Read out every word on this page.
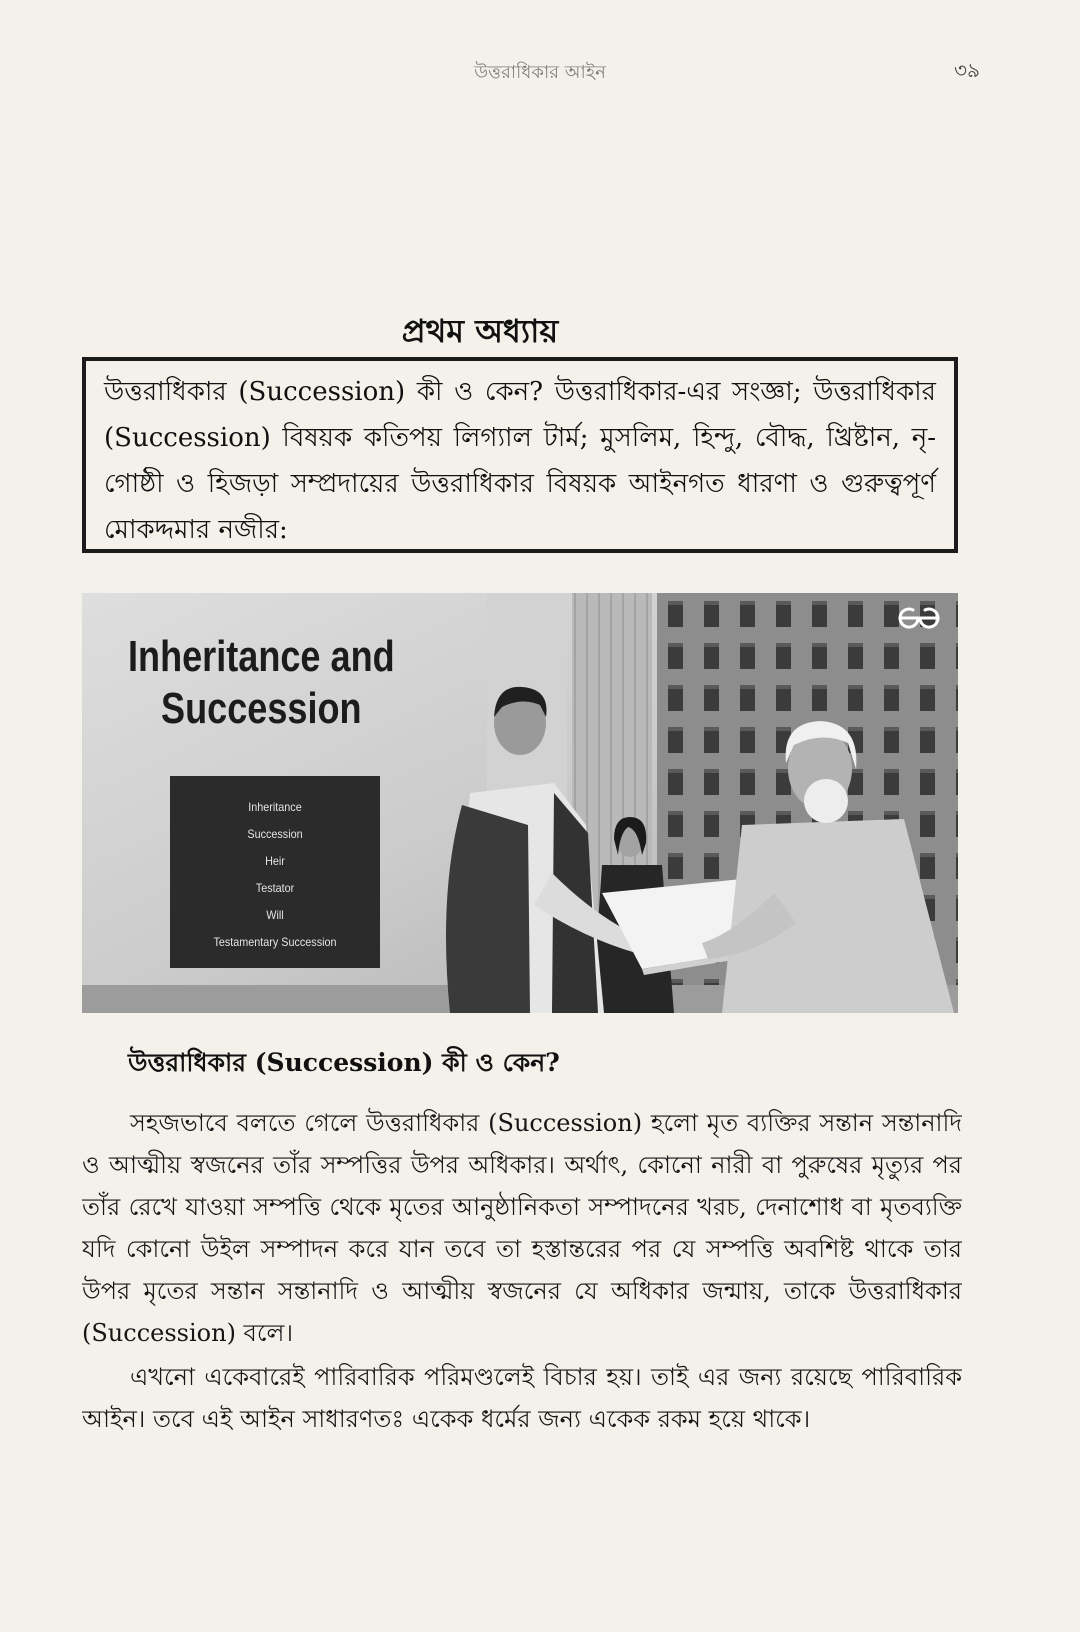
উত্তরাধিকার আইন	৩৯
প্রথম অধ্যায়

উত্তরাধিকার (Succession) কী ও কেন? উত্তরাধিকার-এর সংজ্ঞা; উত্তরাধিকার (Succession) বিষয়ক কতিপয় লিগ্যাল টার্ম; মুসলিম, হিন্দু, বৌদ্ধ, খ্রিষ্টান, নৃ-গোষ্ঠী ও হিজড়া সম্প্রদায়ের উত্তরাধিকার বিষয়ক আইনগত ধারণা ও গুরুত্বপূর্ণ মোকদ্দমার নজীর:

Inheritance and
Succession
Inheritance
Succession
Heir
Testator
Will
Testamentary Succession
উত্তরাধিকার (Succession) কী ও কেন?

সহজভাবে বলতে গেলে উত্তরাধিকার (Succession) হলো মৃত ব্যক্তির সন্তান সন্তানাদি ও আত্মীয় স্বজনের তাঁর সম্পত্তির উপর অধিকার। অর্থাৎ, কোনো নারী বা পুরুষের মৃত্যুর পর তাঁর রেখে যাওয়া সম্পত্তি থেকে মৃতের আনুষ্ঠানিকতা সম্পাদনের খরচ, দেনাশোধ বা মৃতব্যক্তি যদি কোনো উইল সম্পাদন করে যান তবে তা হস্তান্তরের পর যে সম্পত্তি অবশিষ্ট থাকে তার উপর মৃতের সন্তান সন্তানাদি ও আত্মীয় স্বজনের যে অধিকার জন্মায়, তাকে উত্তরাধিকার (Succession) বলে।

এখনো একেবারেই পারিবারিক পরিমণ্ডলেই বিচার হয়। তাই এর জন্য রয়েছে পারিবারিক আইন। তবে এই আইন সাধারণতঃ একেক ধর্মের জন্য একেক রকম হয়ে থাকে।
